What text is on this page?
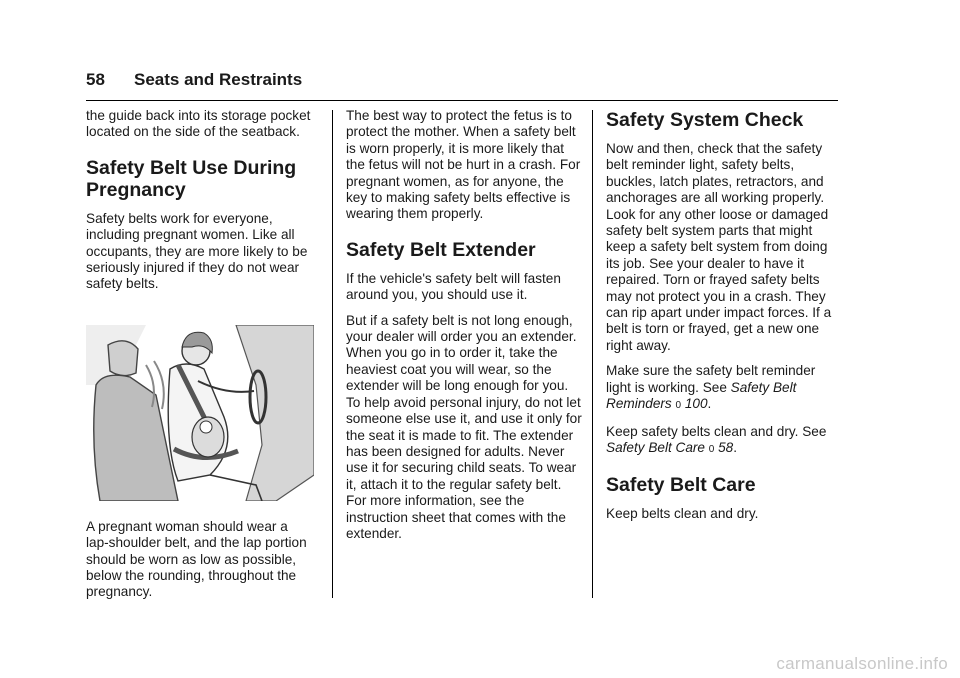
58 Seats and Restraints

the guide back into its storage pocket located on the side of the seatback.

Safety Belt Use During Pregnancy

Safety belts work for everyone, including pregnant women. Like all occupants, they are more likely to be seriously injured if they do not wear safety belts.

A pregnant woman should wear a lap-shoulder belt, and the lap portion should be worn as low as possible, below the rounding, throughout the pregnancy.

The best way to protect the fetus is to protect the mother. When a safety belt is worn properly, it is more likely that the fetus will not be hurt in a crash. For pregnant women, as for anyone, the key to making safety belts effective is wearing them properly.

Safety Belt Extender

If the vehicle's safety belt will fasten around you, you should use it.

But if a safety belt is not long enough, your dealer will order you an extender. When you go in to order it, take the heaviest coat you will wear, so the extender will be long enough for you. To help avoid personal injury, do not let someone else use it, and use it only for the seat it is made to fit. The extender has been designed for adults. Never use it for securing child seats. To wear it, attach it to the regular safety belt. For more information, see the instruction sheet that comes with the extender.

Safety System Check

Now and then, check that the safety belt reminder light, safety belts, buckles, latch plates, retractors, and anchorages are all working properly. Look for any other loose or damaged safety belt system parts that might keep a safety belt system from doing its job. See your dealer to have it repaired. Torn or frayed safety belts may not protect you in a crash. They can rip apart under impact forces. If a belt is torn or frayed, get a new one right away.

Make sure the safety belt reminder light is working. See Safety Belt Reminders 0 100.

Keep safety belts clean and dry. See Safety Belt Care 0 58.

Safety Belt Care

Keep belts clean and dry.

carmanualsonline.info
